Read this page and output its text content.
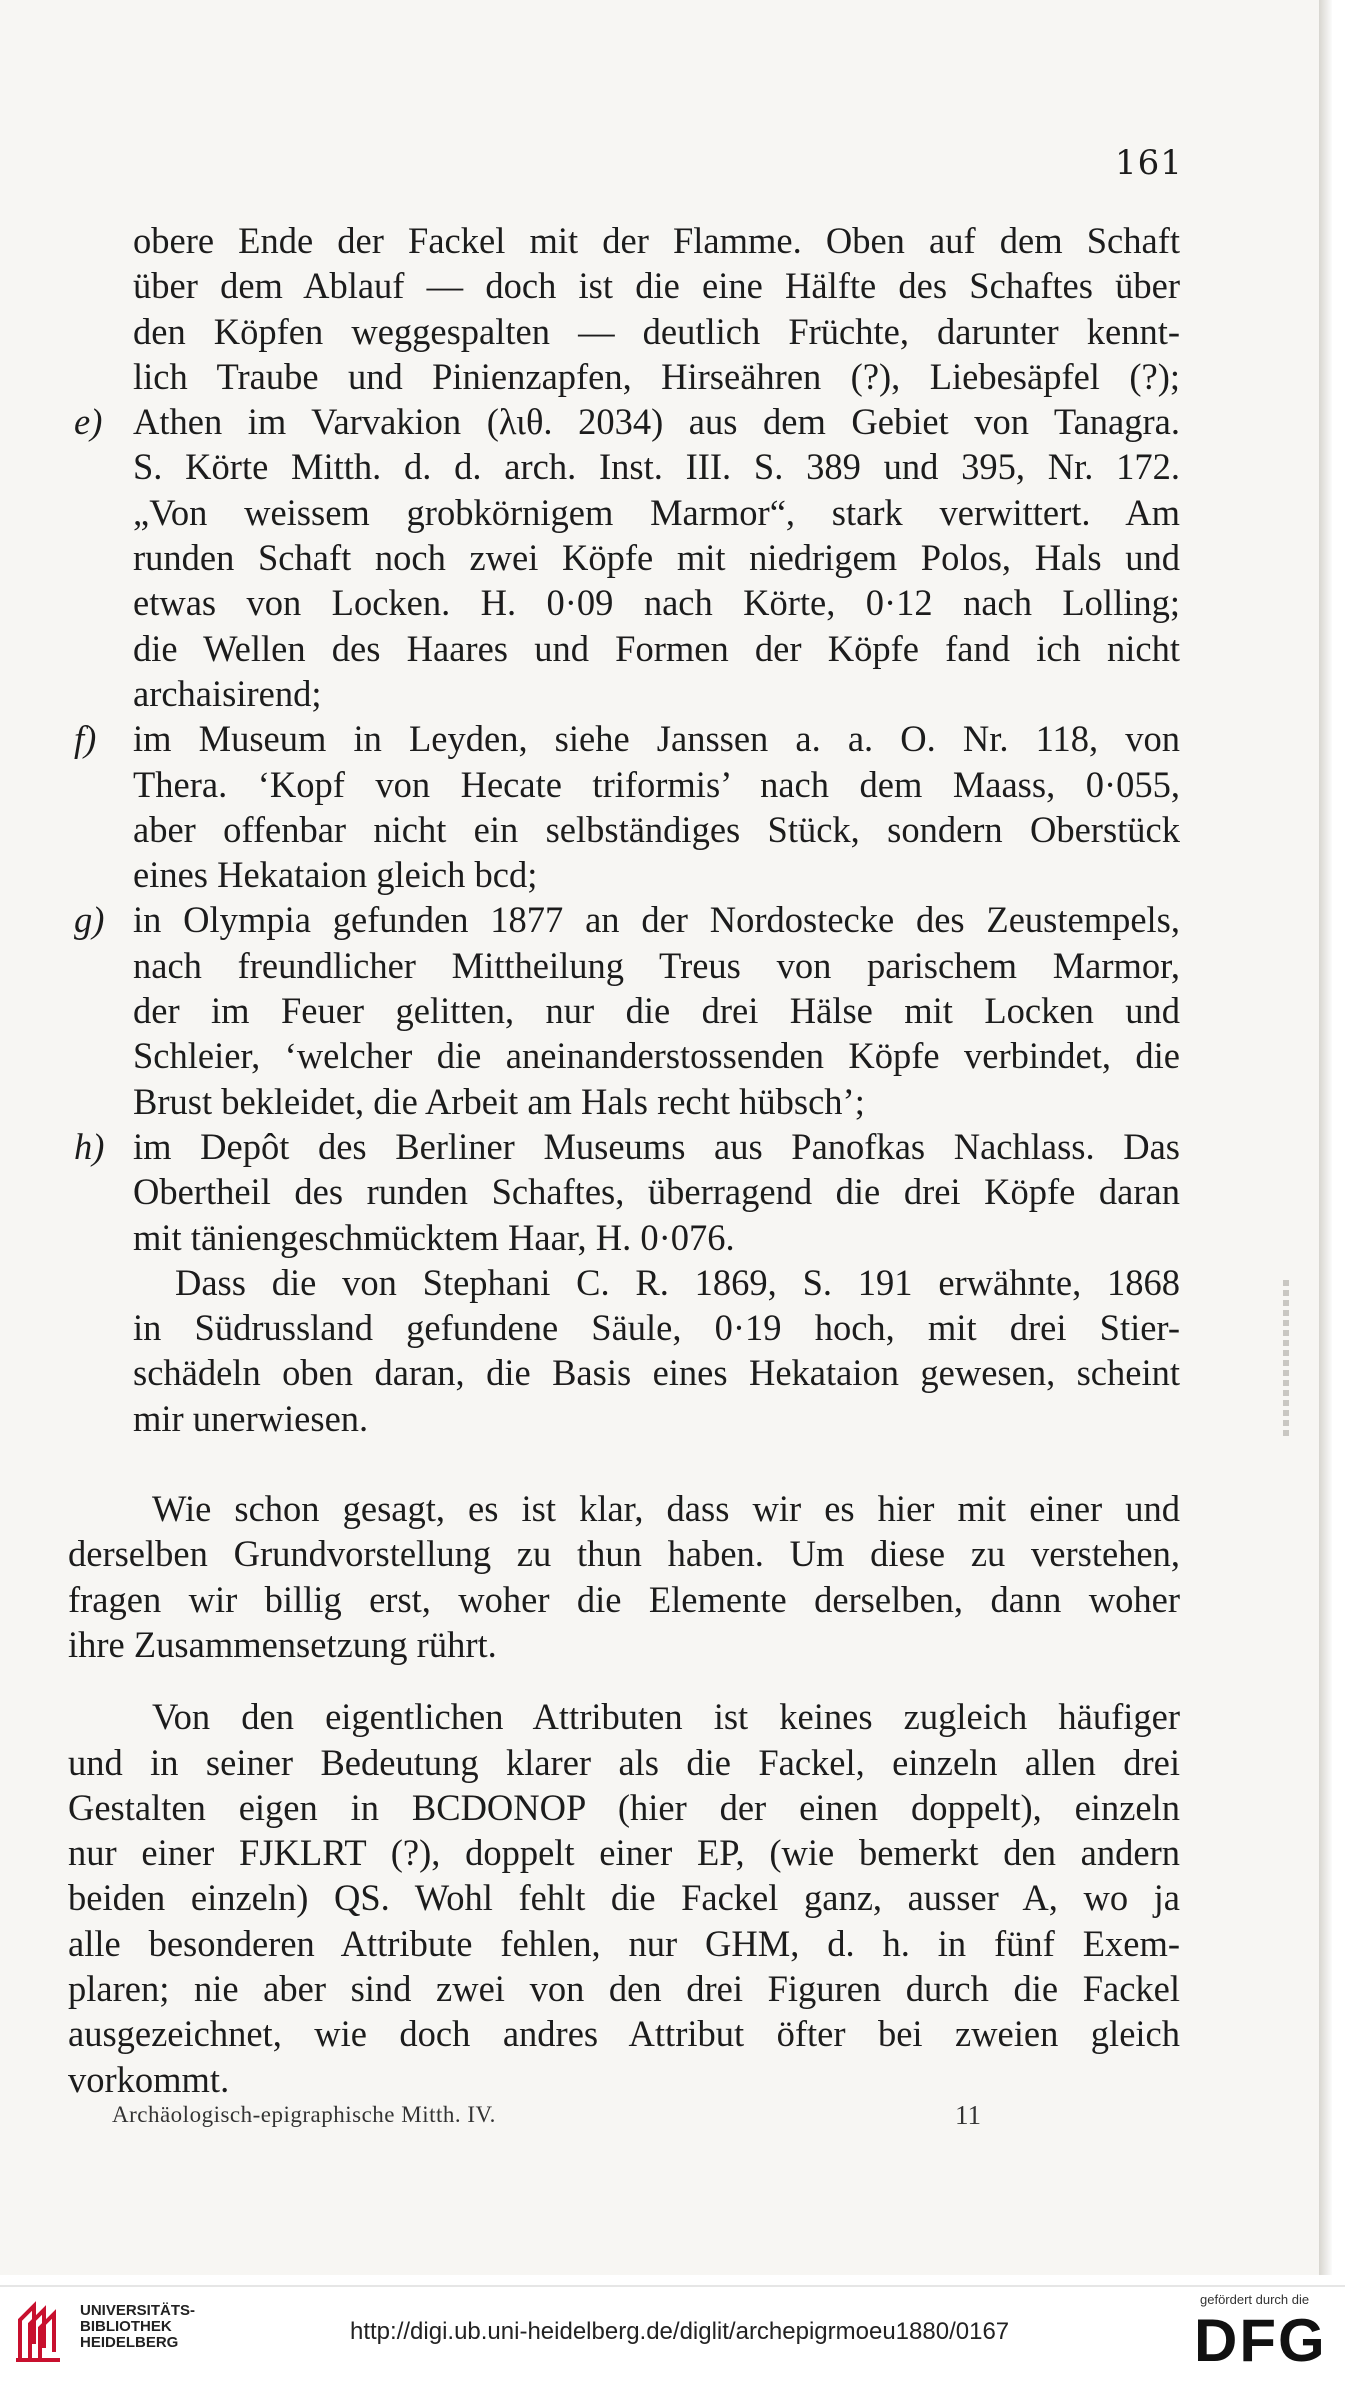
161
obere Ende der Fackel mit der Flamme. Oben auf dem Schaft
über dem Ablauf — doch ist die eine Hälfte des Schaftes über
den Köpfen weggespalten — deutlich Früchte, darunter kennt-
lich Traube und Pinienzapfen, Hirseähren (?), Liebesäpfel (?);
e) Athen im Varvakion (λιθ. 2034) aus dem Gebiet von Tanagra.
S. Körte Mitth. d. d. arch. Inst. III. S. 389 und 395, Nr. 172.
„Von weissem grobkörnigem Marmor“, stark verwittert. Am
runden Schaft noch zwei Köpfe mit niedrigem Polos, Hals und
etwas von Locken. H. 0·09 nach Körte, 0·12 nach Lolling;
die Wellen des Haares und Formen der Köpfe fand ich nicht
archaisirend;
f) im Museum in Leyden, siehe Janssen a. a. O. Nr. 118, von
Thera. ‘Kopf von Hecate triformis’ nach dem Maass, 0·055,
aber offenbar nicht ein selbständiges Stück, sondern Oberstück
eines Hekataion gleich bcd;
g) in Olympia gefunden 1877 an der Nordostecke des Zeustempels,
nach freundlicher Mittheilung Treus von parischem Marmor,
der im Feuer gelitten, nur die drei Hälse mit Locken und
Schleier, ‘welcher die aneinanderstossenden Köpfe verbindet, die
Brust bekleidet, die Arbeit am Hals recht hübsch’;
h) im Depôt des Berliner Museums aus Panofkas Nachlass. Das
Obertheil des runden Schaftes, überragend die drei Köpfe daran
mit täniengeschmücktem Haar, H. 0·076.
Dass die von Stephani C. R. 1869, S. 191 erwähnte, 1868
in Südrussland gefundene Säule, 0·19 hoch, mit drei Stier-
schädeln oben daran, die Basis eines Hekataion gewesen, scheint
mir unerwiesen.
Wie schon gesagt, es ist klar, dass wir es hier mit einer und
derselben Grundvorstellung zu thun haben. Um diese zu verstehen,
fragen wir billig erst, woher die Elemente derselben, dann woher
ihre Zusammensetzung rührt.
Von den eigentlichen Attributen ist keines zugleich häufiger
und in seiner Bedeutung klarer als die Fackel, einzeln allen drei
Gestalten eigen in BCDONOP (hier der einen doppelt), einzeln
nur einer FJKLRT (?), doppelt einer EP, (wie bemerkt den andern
beiden einzeln) QS. Wohl fehlt die Fackel ganz, ausser A, wo ja
alle besonderen Attribute fehlen, nur GHM, d. h. in fünf Exem-
plaren; nie aber sind zwei von den drei Figuren durch die Fackel
ausgezeichnet, wie doch andres Attribut öfter bei zweien gleich
vorkommt.
Archäologisch-epigraphische Mitth. IV.	11
UNIVERSITÄTS-
BIBLIOTHEK
HEIDELBERG	http://digi.ub.uni-heidelberg.de/diglit/archepigrmoeu1880/0167
gefördert durch die
DFG
